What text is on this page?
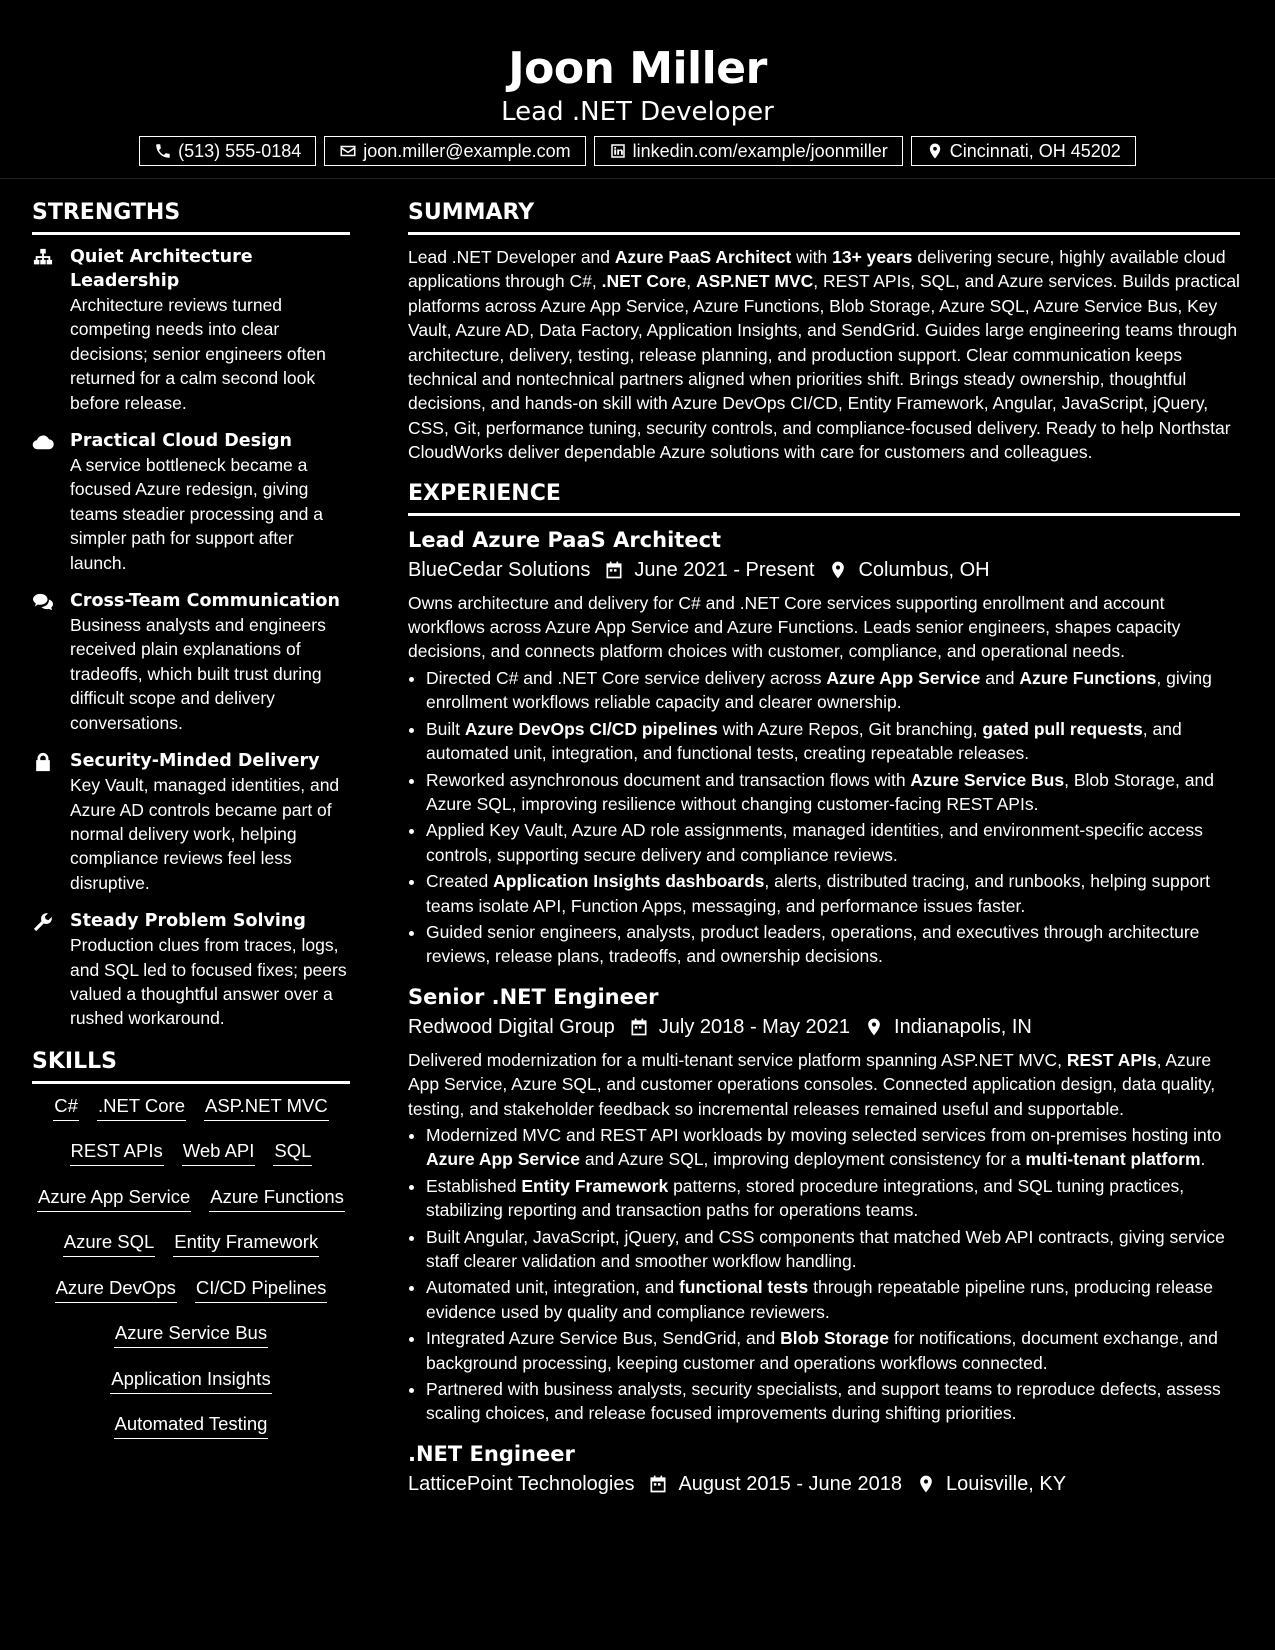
Joon Miller
Lead .NET Developer
(513) 555-0184	joon.miller@example.com	linkedin.com/example/joonmiller	Cincinnati, OH 45202
STRENGTHS
Quiet Architecture Leadership
Architecture reviews turned competing needs into clear decisions; senior engineers often returned for a calm second look before release.
Practical Cloud Design
A service bottleneck became a focused Azure redesign, giving teams steadier processing and a simpler path for support after launch.
Cross-Team Communication
Business analysts and engineers received plain explanations of tradeoffs, which built trust during difficult scope and delivery conversations.
Security-Minded Delivery
Key Vault, managed identities, and Azure AD controls became part of normal delivery work, helping compliance reviews feel less disruptive.
Steady Problem Solving
Production clues from traces, logs, and SQL led to focused fixes; peers valued a thoughtful answer over a rushed workaround.
SKILLS
C# .NET Core ASP.NET MVC
REST APIs Web API SQL
Azure App Service Azure Functions
Azure SQL Entity Framework
Azure DevOps CI/CD Pipelines
Azure Service Bus
Application Insights
Automated Testing
SUMMARY
Lead .NET Developer and Azure PaaS Architect with 13+ years delivering secure, highly available cloud applications through C#, .NET Core, ASP.NET MVC, REST APIs, SQL, and Azure services. Builds practical platforms across Azure App Service, Azure Functions, Blob Storage, Azure SQL, Azure Service Bus, Key Vault, Azure AD, Data Factory, Application Insights, and SendGrid. Guides large engineering teams through architecture, delivery, testing, release planning, and production support. Clear communication keeps technical and nontechnical partners aligned when priorities shift. Brings steady ownership, thoughtful decisions, and hands-on skill with Azure DevOps CI/CD, Entity Framework, Angular, JavaScript, jQuery, CSS, Git, performance tuning, security controls, and compliance-focused delivery. Ready to help Northstar CloudWorks deliver dependable Azure solutions with care for customers and colleagues.
EXPERIENCE
Lead Azure PaaS Architect
BlueCedar Solutions June 2021 - Present Columbus, OH
Owns architecture and delivery for C# and .NET Core services supporting enrollment and account workflows across Azure App Service and Azure Functions. Leads senior engineers, shapes capacity decisions, and connects platform choices with customer, compliance, and operational needs.
• Directed C# and .NET Core service delivery across Azure App Service and Azure Functions, giving enrollment workflows reliable capacity and clearer ownership.
• Built Azure DevOps CI/CD pipelines with Azure Repos, Git branching, gated pull requests, and automated unit, integration, and functional tests, creating repeatable releases.
• Reworked asynchronous document and transaction flows with Azure Service Bus, Blob Storage, and Azure SQL, improving resilience without changing customer-facing REST APIs.
• Applied Key Vault, Azure AD role assignments, managed identities, and environment-specific access controls, supporting secure delivery and compliance reviews.
• Created Application Insights dashboards, alerts, distributed tracing, and runbooks, helping support teams isolate API, Function Apps, messaging, and performance issues faster.
• Guided senior engineers, analysts, product leaders, operations, and executives through architecture reviews, release plans, tradeoffs, and ownership decisions.
Senior .NET Engineer
Redwood Digital Group July 2018 - May 2021 Indianapolis, IN
Delivered modernization for a multi-tenant service platform spanning ASP.NET MVC, REST APIs, Azure App Service, Azure SQL, and customer operations consoles. Connected application design, data quality, testing, and stakeholder feedback so incremental releases remained useful and supportable.
• Modernized MVC and REST API workloads by moving selected services from on-premises hosting into Azure App Service and Azure SQL, improving deployment consistency for a multi-tenant platform.
• Established Entity Framework patterns, stored procedure integrations, and SQL tuning practices, stabilizing reporting and transaction paths for operations teams.
• Built Angular, JavaScript, jQuery, and CSS components that matched Web API contracts, giving service staff clearer validation and smoother workflow handling.
• Automated unit, integration, and functional tests through repeatable pipeline runs, producing release evidence used by quality and compliance reviewers.
• Integrated Azure Service Bus, SendGrid, and Blob Storage for notifications, document exchange, and background processing, keeping customer and operations workflows connected.
• Partnered with business analysts, security specialists, and support teams to reproduce defects, assess scaling choices, and release focused improvements during shifting priorities.
.NET Engineer
LatticePoint Technologies August 2015 - June 2018 Louisville, KY
